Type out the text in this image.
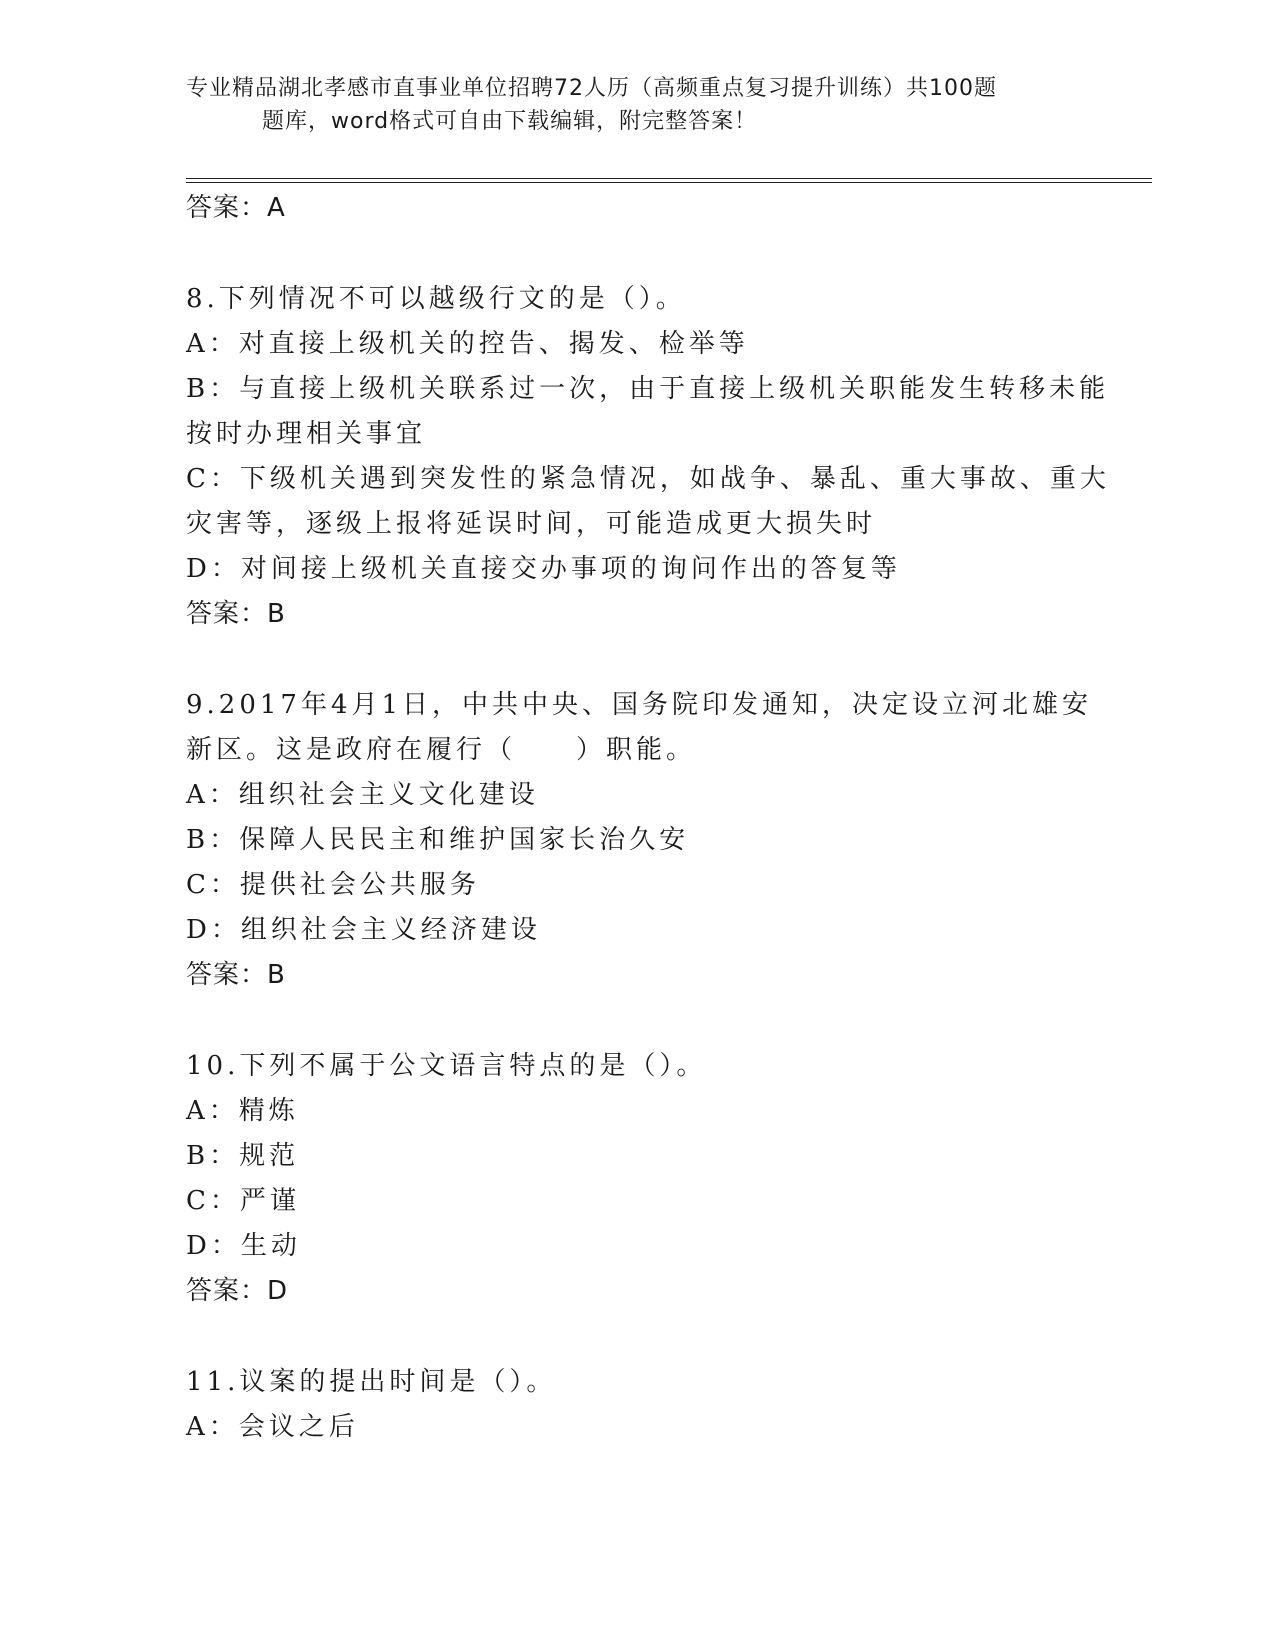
专业精品湖北孝感市直事业单位招聘72人历（高频重点复习提升训练）共100题
题库，word格式可自由下载编辑，附完整答案！
答案：A
8.下列情况不可以越级行文的是（）。
A：对直接上级机关的控告、揭发、检举等
B：与直接上级机关联系过一次，由于直接上级机关职能发生转移未能
按时办理相关事宜
C：下级机关遇到突发性的紧急情况，如战争、暴乱、重大事故、重大
灾害等，逐级上报将延误时间，可能造成更大损失时
D：对间接上级机关直接交办事项的询问作出的答复等
答案：B
9.2017年4月1日，中共中央、国务院印发通知，决定设立河北雄安
新区。这是政府在履行（　　）职能。
A：组织社会主义文化建设
B：保障人民民主和维护国家长治久安
C：提供社会公共服务
D：组织社会主义经济建设
答案：B
10.下列不属于公文语言特点的是（）。
A：精炼
B：规范
C：严谨
D：生动
答案：D
11.议案的提出时间是（）。
A：会议之后
